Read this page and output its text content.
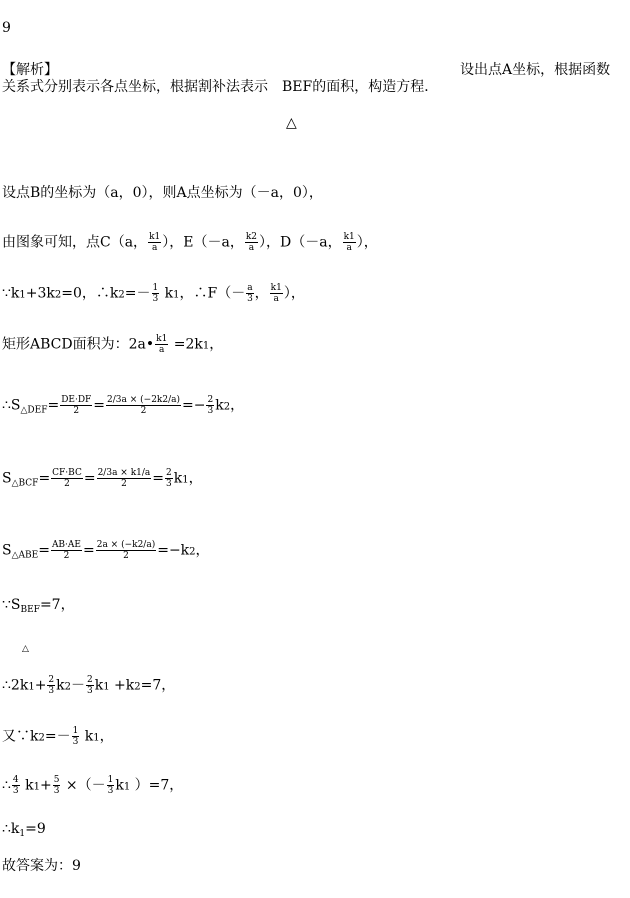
9
【解析】	设出点A坐标，根据函数
关系式分别表示各点坐标，根据割补法表示　BEF的面积，构造方程．
△
设点B的坐标为（a，0），则A点坐标为（－a，0），
由图象可知，点C（a， $\frac{k1}{a}$ ），E（－a， $\frac{k2}{a}$ ），D（－a， $\frac{k1}{a}$ ），
∵k1+3k2=0，∴k2=－ $\frac{1}{3} k1$，∴F（－ $\frac{a}{3}$ ， $\frac{k1}{a}$ ），
矩形ABCD面积为：2a• $\frac{k1}{a} =2k1$，
$\therefore S_{\triangle DEF}= \frac{DE\cdot DF}{2} = \frac{2/3a \times (-2k2/a)}{2} =- \frac{2}{3} k2$，
$S_{\triangle BCF}= \frac{CF\cdot BC}{2} = \frac{2/3a \times k1/a}{2} = \frac{2}{3} k1$，
$S_{\triangle ABE}= \frac{AB\cdot AE}{2} = \frac{2a \times (-k2/a)}{2} =-k2$，
$\because S_{BEF}=7$，
△
∴2k1+ $\frac{2}{3} k2- \frac{2}{3} k1 +k2=7$，
又∵k2=－ $\frac{1}{3} k1$，
∴ $\frac{4}{3} k1+ \frac{5}{3}$ ×（－ $\frac{1}{3} k1$ ）=7，
$\therefore k_1=9$
故答案为：9
